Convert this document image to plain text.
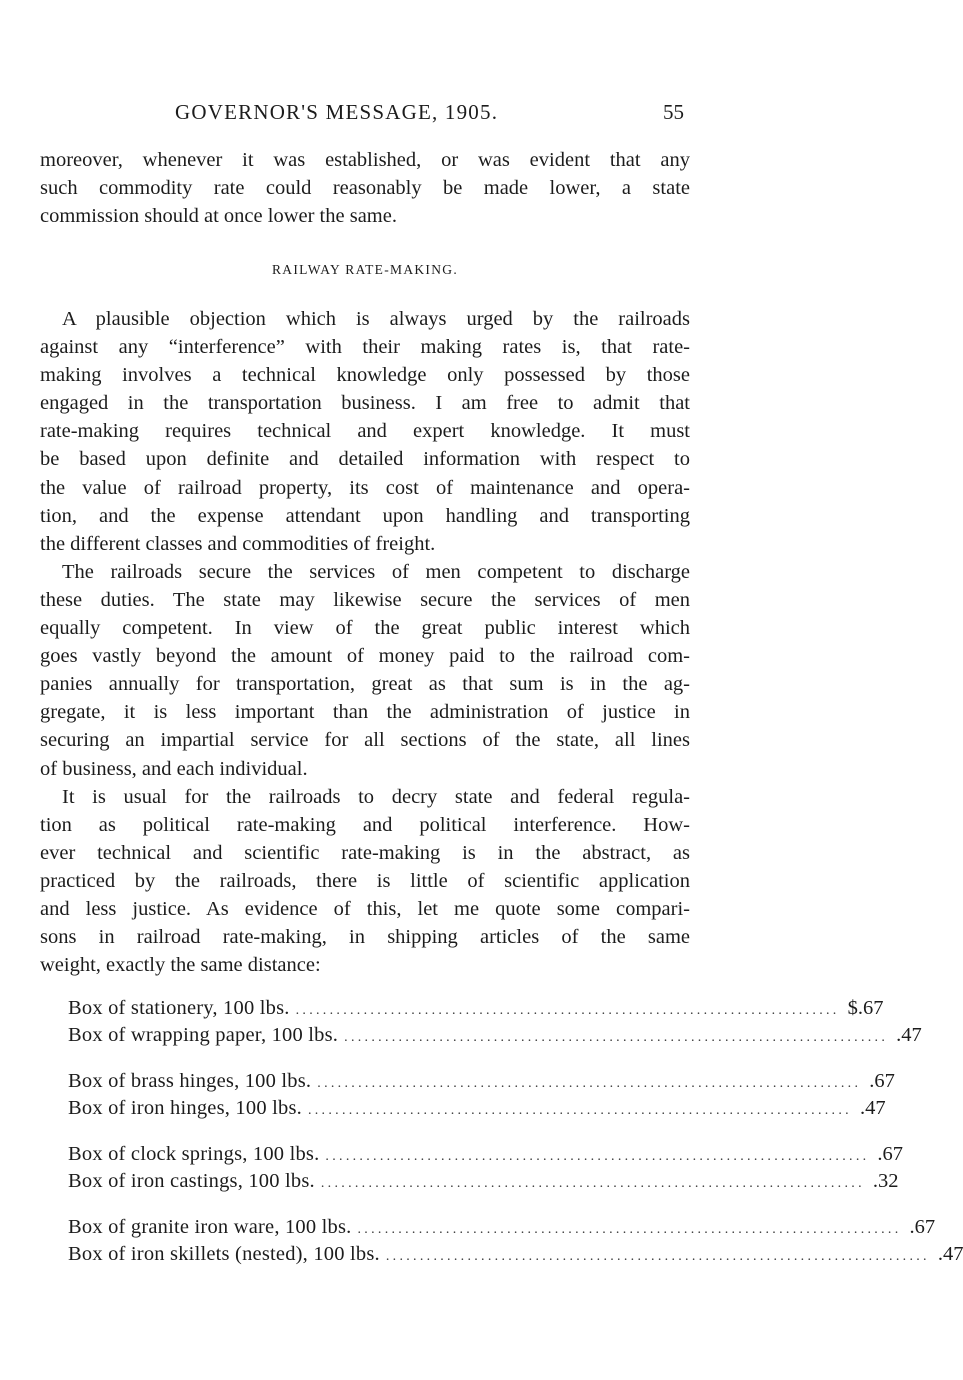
GOVERNOR'S MESSAGE, 1905.	55
moreover, whenever it was established, or was evident that any
such commodity rate could reasonably be made lower, a state
commission should at once lower the same.
RAILWAY RATE-MAKING.
A plausible objection which is always urged by the railroads
against any “interference” with their making rates is, that rate-
making involves a technical knowledge only possessed by those
engaged in the transportation business. I am free to admit that
rate-making requires technical and expert knowledge. It must
be based upon definite and detailed information with respect to
the value of railroad property, its cost of maintenance and opera-
tion, and the expense attendant upon handling and transporting
the different classes and commodities of freight.
The railroads secure the services of men competent to discharge
these duties. The state may likewise secure the services of men
equally competent. In view of the great public interest which
goes vastly beyond the amount of money paid to the railroad com-
panies annually for transportation, great as that sum is in the ag-
gregate, it is less important than the administration of justice in
securing an impartial service for all sections of the state, all lines
of business, and each individual.
It is usual for the railroads to decry state and federal regula-
tion as political rate-making and political interference. How-
ever technical and scientific rate-making is in the abstract, as
practiced by the railroads, there is little of scientific application
and less justice. As evidence of this, let me quote some compari-
sons in railroad rate-making, in shipping articles of the same
weight, exactly the same distance:
Box of stationery, 100 lbs. ................................................................................ $.67
Box of wrapping paper, 100 lbs. ................................................................................ .47
Box of brass hinges, 100 lbs. ................................................................................ .67
Box of iron hinges, 100 lbs. ................................................................................ .47
Box of clock springs, 100 lbs. ................................................................................ .67
Box of iron castings, 100 lbs. ................................................................................ .32
Box of granite iron ware, 100 lbs. ................................................................................ .67
Box of iron skillets (nested), 100 lbs. ................................................................................ .47
